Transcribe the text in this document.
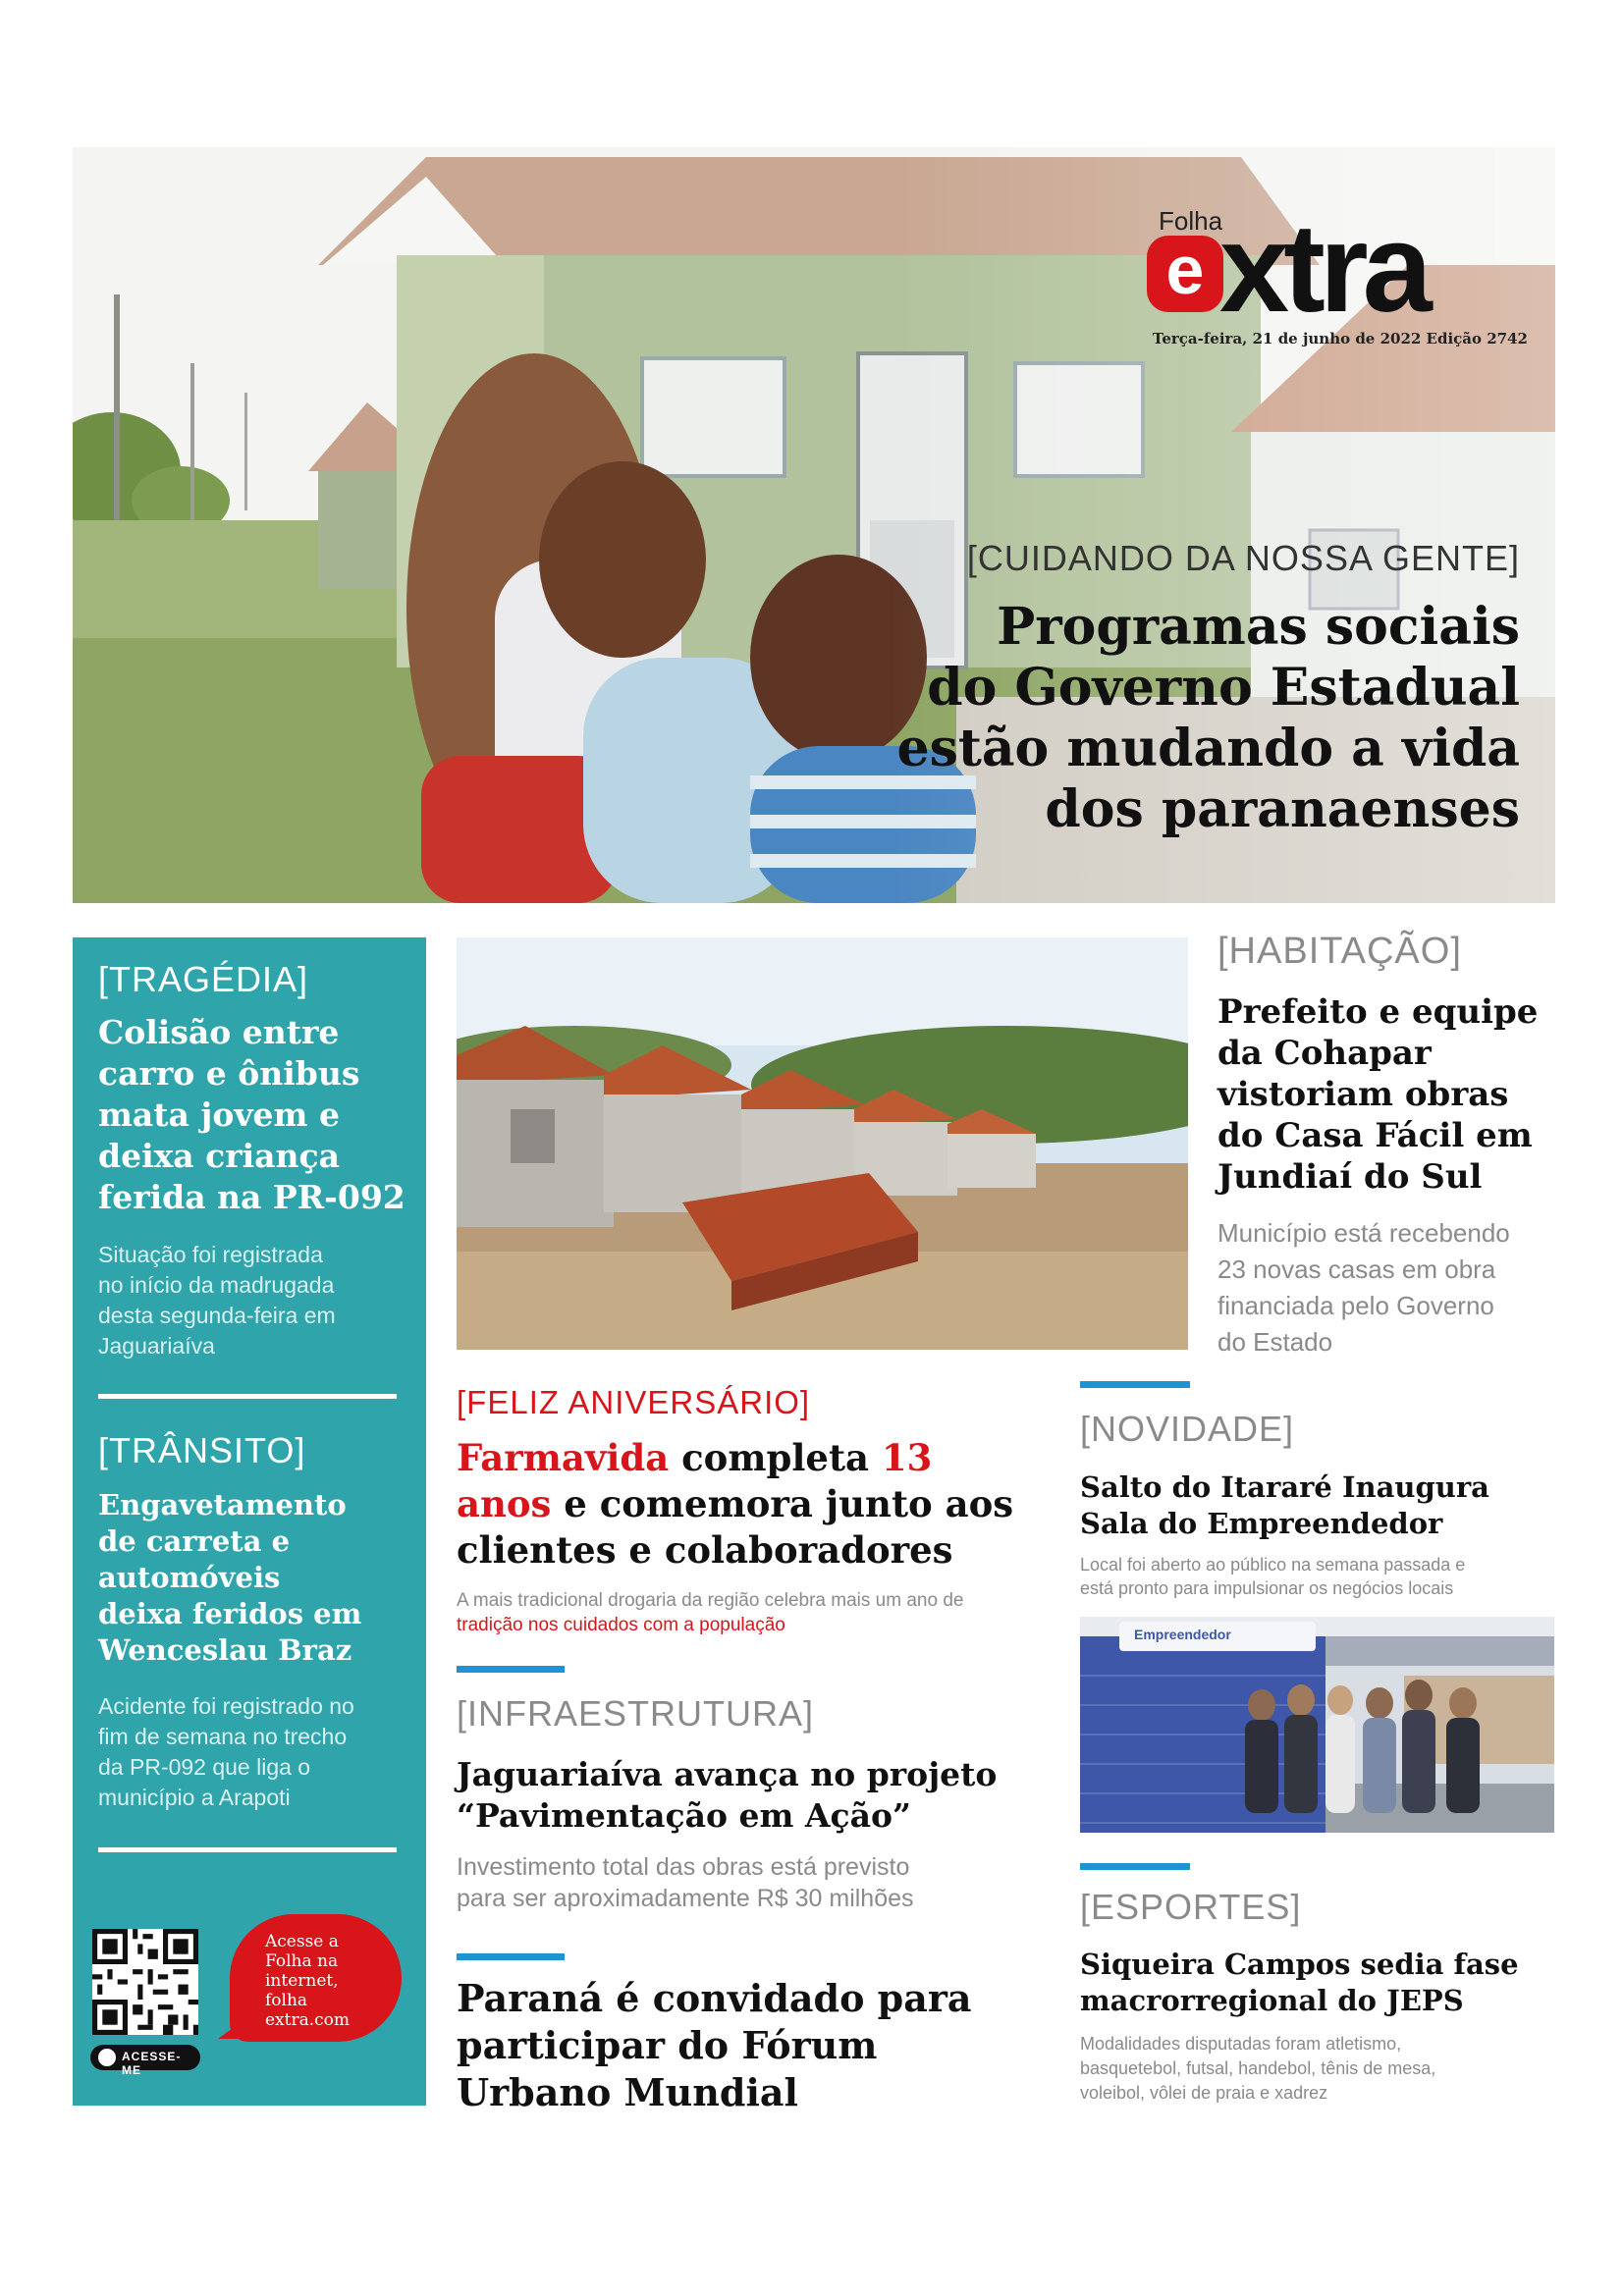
Folha
e xtra
Terça-feira, 21 de junho de 2022 Edição 2742
[CUIDANDO DA NOSSA GENTE]
Programas sociais
do Governo Estadual
estão mudando a vida
dos paranaenses
[TRAGÉDIA]
Colisão entre
carro e ônibus
mata jovem e
deixa criança
ferida na PR-092
Situação foi registrada
no início da madrugada
desta segunda-feira em
Jaguariaíva
[TRÂNSITO]
Engavetamento
de carreta e
automóveis
deixa feridos em
Wenceslau Braz
Acidente foi registrado no
fim de semana no trecho
da PR-092 que liga o
município a Arapoti
ACESSE-ME
Acesse a
Folha na
internet,
folha
extra.com
[FELIZ ANIVERSÁRIO]
Farmavida completa 13
anos e comemora junto aos
clientes e colaboradores
A mais tradicional drogaria da região celebra mais um ano de
tradição nos cuidados com a população
[INFRAESTRUTURA]
Jaguariaíva avança no projeto
“Pavimentação em Ação”
Investimento total das obras está previsto
para ser aproximadamente R$ 30 milhões
Paraná é convidado para
participar do Fórum
Urbano Mundial
[HABITAÇÃO]
Prefeito e equipe
da Cohapar
vistoriam obras
do Casa Fácil em
Jundiaí do Sul
Município está recebendo
23 novas casas em obra
financiada pelo Governo
do Estado
[NOVIDADE]
Salto do Itararé Inaugura
Sala do Empreendedor
Local foi aberto ao público na semana passada e
está pronto para impulsionar os negócios locais
Empreendedor
[ESPORTES]
Siqueira Campos sedia fase
macrorregional do JEPS
Modalidades disputadas foram atletismo,
basquetebol, futsal, handebol, tênis de mesa,
voleibol, vôlei de praia e xadrez
